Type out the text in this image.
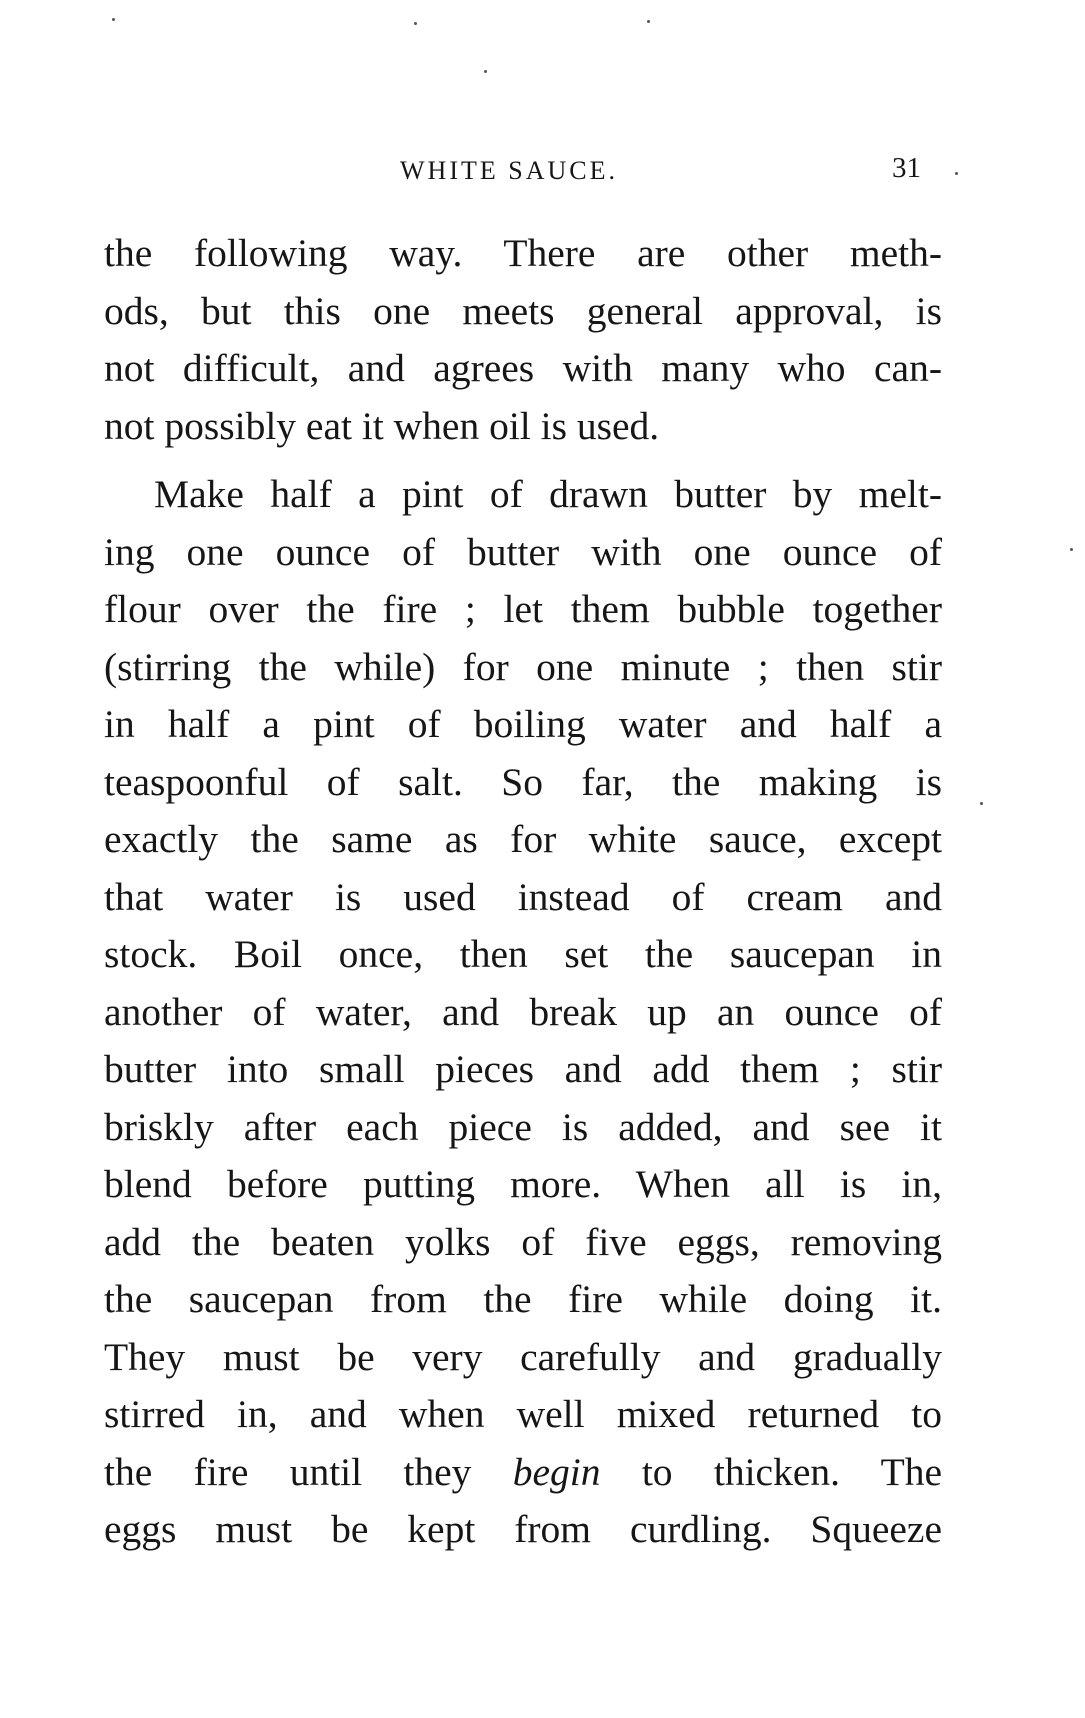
WHITE SAUCE.	31
the following way. There are other meth-
ods, but this one meets general approval, is
not difficult, and agrees with many who can-
not possibly eat it when oil is used.
Make half a pint of drawn butter by melt-
ing one ounce of butter with one ounce of
flour over the fire ; let them bubble together
(stirring the while) for one minute ; then stir
in half a pint of boiling water and half a
teaspoonful of salt. So far, the making is
exactly the same as for white sauce, except
that water is used instead of cream and
stock. Boil once, then set the saucepan in
another of water, and break up an ounce of
butter into small pieces and add them ; stir
briskly after each piece is added, and see it
blend before putting more. When all is in,
add the beaten yolks of five eggs, removing
the saucepan from the fire while doing it.
They must be very carefully and gradually
stirred in, and when well mixed returned to
the fire until they begin to thicken. The
eggs must be kept from curdling. Squeeze
